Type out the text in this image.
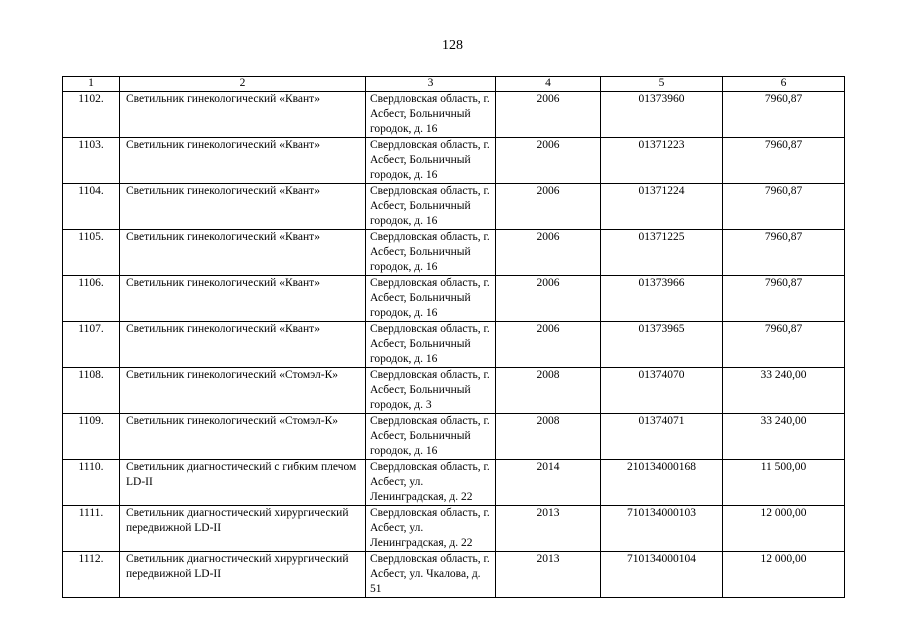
128
1	2	3	4	5	6
1102.	Светильник гинекологический «Квант»	Свердловская область, г. Асбест, Больничный городок, д. 16	2006	01373960	7960,87
1103.	Светильник гинекологический «Квант»	Свердловская область, г. Асбест, Больничный городок, д. 16	2006	01371223	7960,87
1104.	Светильник гинекологический «Квант»	Свердловская область, г. Асбест, Больничный городок, д. 16	2006	01371224	7960,87
1105.	Светильник гинекологический «Квант»	Свердловская область, г. Асбест, Больничный городок, д. 16	2006	01371225	7960,87
1106.	Светильник гинекологический «Квант»	Свердловская область, г. Асбест, Больничный городок, д. 16	2006	01373966	7960,87
1107.	Светильник гинекологический «Квант»	Свердловская область, г. Асбест, Больничный городок, д. 16	2006	01373965	7960,87
1108.	Светильник гинекологический «Стомэл-К»	Свердловская область, г. Асбест, Больничный городок, д. 3	2008	01374070	33 240,00
1109.	Светильник гинекологический «Стомэл-К»	Свердловская область, г. Асбест, Больничный городок, д. 16	2008	01374071	33 240,00
1110.	Светильник диагностический с гибким плечом LD-II	Свердловская область, г. Асбест, ул. Ленинградская, д. 22	2014	210134000168	11 500,00
1111.	Светильник диагностический хирургический передвижной LD-II	Свердловская область, г. Асбест, ул. Ленинградская, д. 22	2013	710134000103	12 000,00
1112.	Светильник диагностический хирургический передвижной LD-II	Свердловская область, г. Асбест, ул. Чкалова, д. 51	2013	710134000104	12 000,00
